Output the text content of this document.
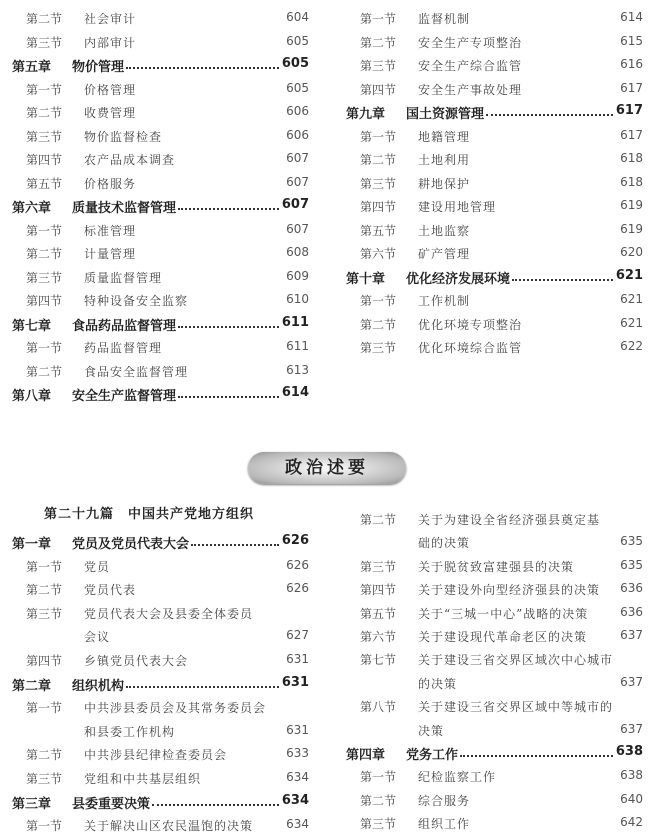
第二节 社会审计	604
第三节 内部审计	605
第五章 物价管理	605
第一节 价格管理	605
第二节 收费管理	606
第三节 物价监督检查	606
第四节 农产品成本调查	607
第五节 价格服务	607
第六章 质量技术监督管理	607
第一节 标准管理	607
第二节 计量管理	608
第三节 质量监督管理	609
第四节 特种设备安全监察	610
第七章 食品药品监督管理	611
第一节 药品监督管理	611
第二节 食品安全监督管理	613
第八章 安全生产监督管理	614
第一节 监督机制	614
第二节 安全生产专项整治	615
第三节 安全生产综合监管	616
第四节 安全生产事故处理	617
第九章 国土资源管理	617
第一节 地籍管理	617
第二节 土地利用	618
第三节 耕地保护	618
第四节 建设用地管理	619
第五节 土地监察	619
第六节 矿产管理	620
第十章 优化经济发展环境	621
第一节 工作机制	621
第二节 优化环境专项整治	621
第三节 优化环境综合监管	622
政治述要
第二十九篇　中国共产党地方组织
第一章 党员及党员代表大会	626
第一节 党员	626
第二节 党员代表	626
第三节 党员代表大会及县委全体委员
会议	627
第四节 乡镇党员代表大会	631
第二章 组织机构	631
第一节 中共涉县委员会及其常务委员会
和县委工作机构	631
第二节 中共涉县纪律检查委员会	633
第三节 党组和中共基层组织	634
第三章 县委重要决策	634
第一节 关于解决山区农民温饱的决策	634
第二节 关于为建设全省经济强县奠定基
础的决策	635
第三节 关于脱贫致富建强县的决策	635
第四节 关于建设外向型经济强县的决策 636
第五节 关于“三城一中心”战略的决策	636
第六节 关于建设现代革命老区的决策	637
第七节 关于建设三省交界区域次中心城市
的决策	637
第八节 关于建设三省交界区域中等城市的
决策	637
第四章 党务工作	638
第一节 纪检监察工作	638
第二节 综合服务	640
第三节 组织工作	642
